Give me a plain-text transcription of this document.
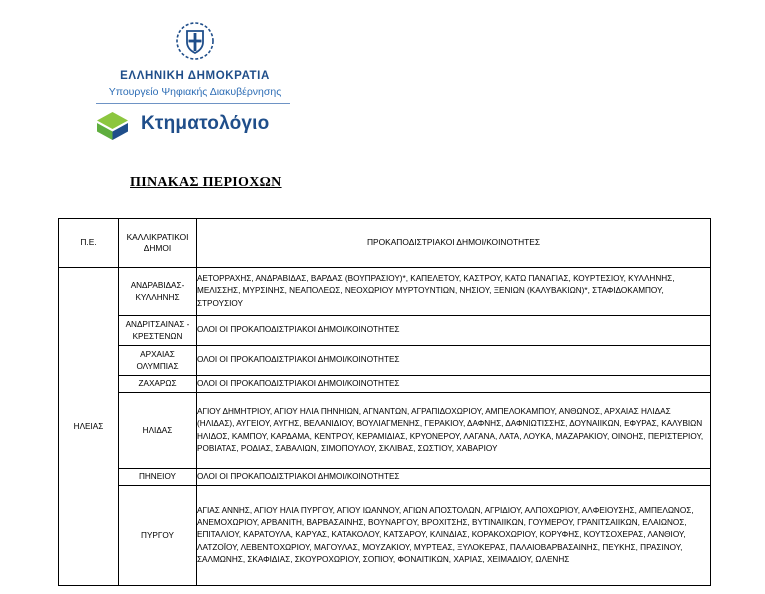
ΕΛΛΗΝΙΚΗ ΔΗΜΟΚΡΑΤΙΑ
Υπουργείο Ψηφιακής Διακυβέρνησης
Κτηματολόγιο
ΠΙΝΑΚΑΣ ΠΕΡΙΟΧΩΝ
Π.Ε.	ΚΑΛΛΙΚΡΑΤΙΚΟΙ ΔΗΜΟΙ	ΠΡΟΚΑΠΟΔΙΣΤΡΙΑΚΟΙ ΔΗΜΟΙ/ΚΟΙΝΟΤΗΤΕΣ
ΗΛΕΙΑΣ	ΑΝΔΡΑΒΙΔΑΣ-ΚΥΛΛΗΝΗΣ	ΑΕΤΟΡΡΑΧΗΣ, ΑΝΔΡΑΒΙΔΑΣ, ΒΑΡΔΑΣ (ΒΟΥΠΡΑΣΙΟΥ)*, ΚΑΠΕΛΕΤΟΥ, ΚΑΣΤΡΟΥ, ΚΑΤΩ ΠΑΝΑΓΙΑΣ, ΚΟΥΡΤΕΣΙΟΥ, ΚΥΛΛΗΝΗΣ, ΜΕΛΙΣΣΗΣ, ΜΥΡΣΙΝΗΣ, ΝΕΑΠΟΛΕΩΣ, ΝΕΟΧΩΡΙΟΥ ΜΥΡΤΟΥΝΤΙΩΝ, ΝΗΣΙΟΥ, ΞΕΝΙΩΝ (ΚΑΛΥΒΑΚΙΩΝ)*, ΣΤΑΦΙΔΟΚΑΜΠΟΥ, ΣΤΡΟΥΣΙΟΥ
	ΑΝΔΡΙΤΣΑΙΝΑΣ - ΚΡΕΣΤΕΝΩΝ	ΟΛΟΙ ΟΙ ΠΡΟΚΑΠΟΔΙΣΤΡΙΑΚΟΙ ΔΗΜΟΙ/ΚΟΙΝΟΤΗΤΕΣ
	ΑΡΧΑΙΑΣ ΟΛΥΜΠΙΑΣ	ΟΛΟΙ ΟΙ ΠΡΟΚΑΠΟΔΙΣΤΡΙΑΚΟΙ ΔΗΜΟΙ/ΚΟΙΝΟΤΗΤΕΣ
	ΖΑΧΑΡΩΣ	ΟΛΟΙ ΟΙ ΠΡΟΚΑΠΟΔΙΣΤΡΙΑΚΟΙ ΔΗΜΟΙ/ΚΟΙΝΟΤΗΤΕΣ
	ΗΛΙΔΑΣ	ΑΓΙΟΥ ΔΗΜΗΤΡΙΟΥ, ΑΓΙΟΥ ΗΛΙΑ ΠΗΝΗΙΩΝ, ΑΓΝΑΝΤΩΝ, ΑΓΡΑΠΙΔΟΧΩΡΙΟΥ, ΑΜΠΕΛΟΚΑΜΠΟΥ, ΑΝΘΩΝΟΣ, ΑΡΧΑΙΑΣ ΗΛΙΔΑΣ (ΗΛΙΔΑΣ), ΑΥΓΕΙΟΥ, ΑΥΓΗΣ, ΒΕΛΑΝΙΔΙΟΥ, ΒΟΥΛΙΑΓΜΕΝΗΣ, ΓΕΡΑΚΙΟΥ, ΔΑΦΝΗΣ, ΔΑΦΝΙΩΤΙΣΣΗΣ, ΔΟΥΝΑΙΙΚΩΝ, ΕΦΥΡΑΣ, ΚΑΛΥΒΙΩΝ ΗΛΙΔΟΣ, ΚΑΜΠΟΥ, ΚΑΡΔΑΜΑ, ΚΕΝΤΡΟΥ, ΚΕΡΑΜΙΔΙΑΣ, ΚΡΥΟΝΕΡΟΥ, ΛΑΓΑΝΑ, ΛΑΤΑ, ΛΟΥΚΑ, ΜΑΖΑΡΑΚΙΟΥ, ΟΙΝΟΗΣ, ΠΕΡΙΣΤΕΡΙΟΥ, ΡΟΒΙΑΤΑΣ, ΡΟΔΙΑΣ, ΣΑΒΑΛΙΩΝ, ΣΙΜΟΠΟΥΛΟΥ, ΣΚΛΙΒΑΣ, ΣΩΣΤΙΟΥ, ΧΑΒΑΡΙΟΥ
	ΠΗΝΕΙΟΥ	ΟΛΟΙ ΟΙ ΠΡΟΚΑΠΟΔΙΣΤΡΙΑΚΟΙ ΔΗΜΟΙ/ΚΟΙΝΟΤΗΤΕΣ
	ΠΥΡΓΟΥ	ΑΓΙΑΣ ΑΝΝΗΣ, ΑΓΙΟΥ ΗΛΙΑ ΠΥΡΓΟΥ, ΑΓΙΟΥ ΙΩΑΝΝΟΥ, ΑΓΙΩΝ ΑΠΟΣΤΟΛΩΝ, ΑΓΡΙΔΙΟΥ, ΑΛΠΟΧΩΡΙΟΥ, ΑΛΦΕΙΟΥΣΗΣ, ΑΜΠΕΛΩΝΟΣ, ΑΝΕΜΟΧΩΡΙΟΥ, ΑΡΒΑΝΙΤΗ, ΒΑΡΒΑΣΑΙΝΗΣ, ΒΟΥΝΑΡΓΟΥ, ΒΡΟΧΙΤΣΗΣ, ΒΥΤΙΝΑΙΙΚΩΝ, ΓΟΥΜΕΡΟΥ, ΓΡΑΝΙΤΣΑΙΙΚΩΝ, ΕΛΑΙΩΝΟΣ, ΕΠΙΤΑΛΙΟΥ, ΚΑΡΑΤΟΥΛΑ, ΚΑΡΥΑΣ, ΚΑΤΑΚΟΛΟΥ, ΚΑΤΣΑΡΟΥ, ΚΛΙΝΔΙΑΣ, ΚΟΡΑΚΟΧΩΡΙΟΥ, ΚΟΡΥΦΗΣ, ΚΟΥΤΣΟΧΕΡΑΣ, ΛΑΝΘΙΟΥ, ΛΑΤΖΟΪΟΥ, ΛΕΒΕΝΤΟΧΩΡΙΟΥ, ΜΑΓΟΥΛΑΣ, ΜΟΥΖΑΚΙΟΥ, ΜΥΡΤΕΑΣ, ΞΥΛΟΚΕΡΑΣ, ΠΑΛΑΙΟΒΑΡΒΑΣΑΙΝΗΣ, ΠΕΥΚΗΣ, ΠΡΑΣΙΝΟΥ, ΣΑΛΜΩΝΗΣ, ΣΚΑΦΙΔΙΑΣ, ΣΚΟΥΡΟΧΩΡΙΟΥ, ΣΟΠΙΟΥ, ΦΟΝΑΙΤΙΚΩΝ, ΧΑΡΙΑΣ, ΧΕΙΜΑΔΙΟΥ, ΩΛΕΝΗΣ
